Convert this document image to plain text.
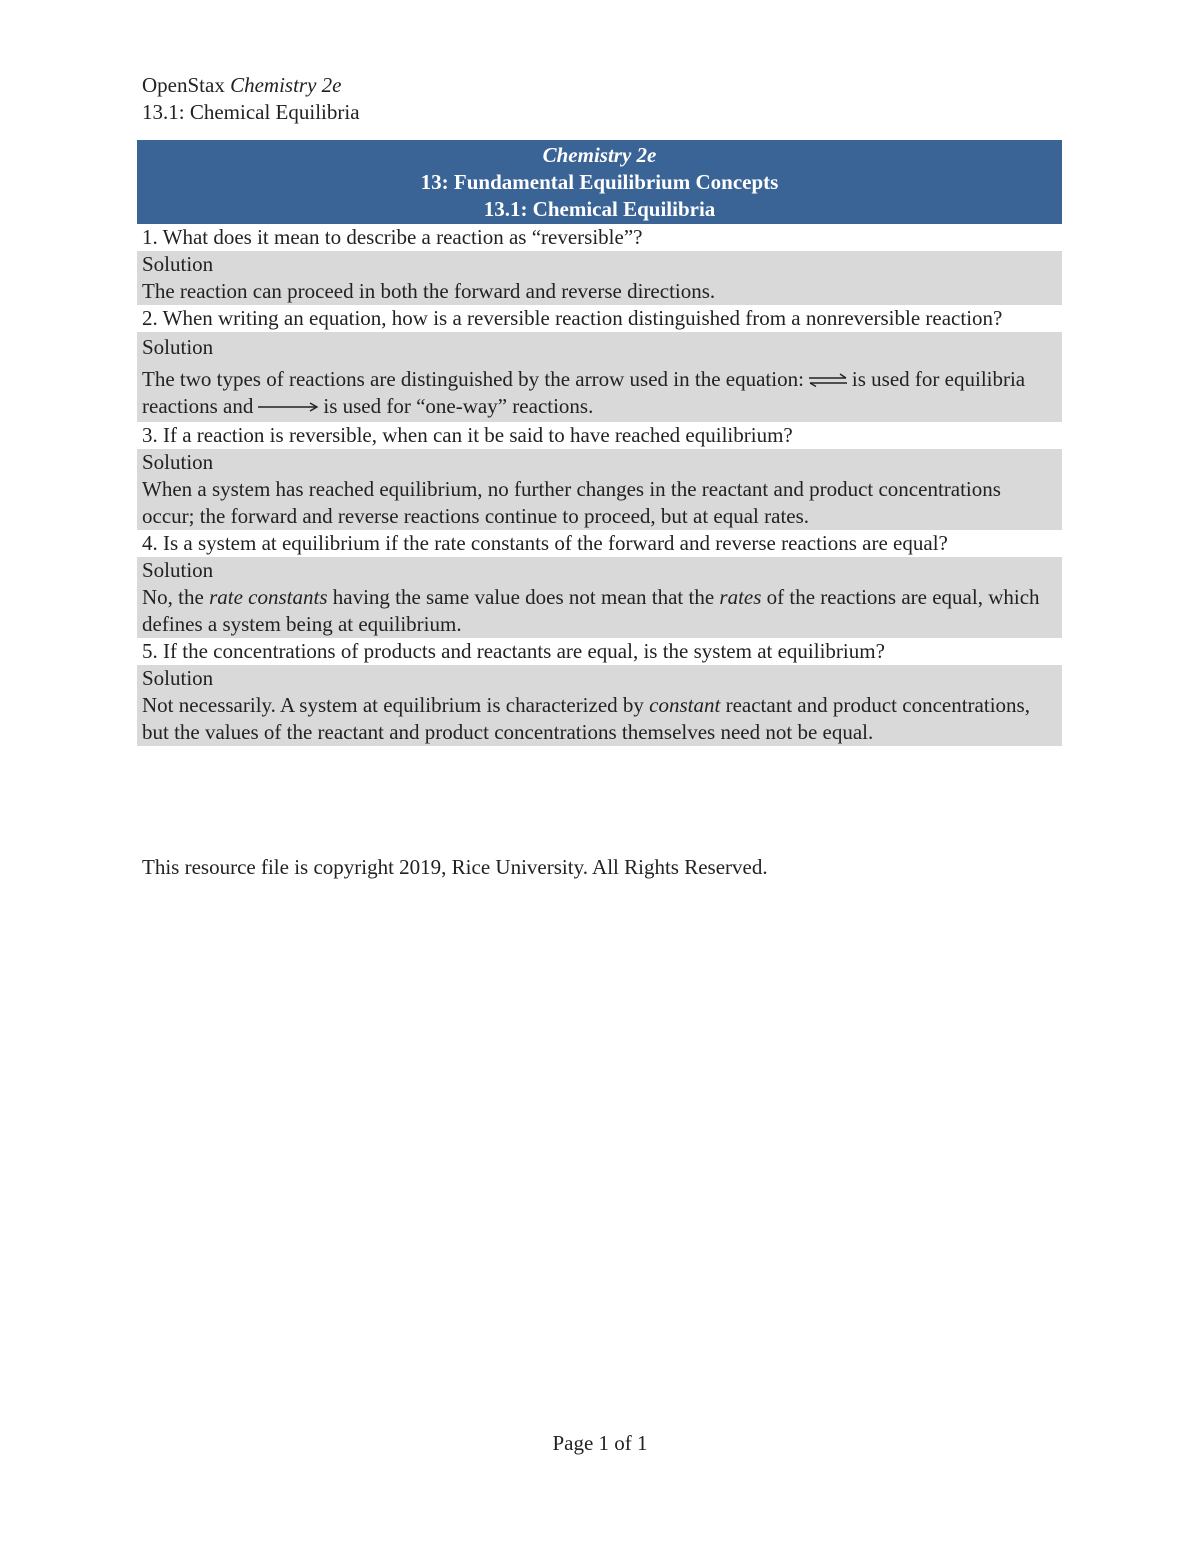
OpenStax Chemistry 2e
13.1: Chemical Equilibria
Chemistry 2e
13: Fundamental Equilibrium Concepts
13.1: Chemical Equilibria
1. What does it mean to describe a reaction as “reversible”?
Solution
The reaction can proceed in both the forward and reverse directions.
2. When writing an equation, how is a reversible reaction distinguished from a nonreversible reaction?
Solution
The two types of reactions are distinguished by the arrow used in the equation: ⇌ is used for equilibria reactions and	is used for “one-way” reactions.
3. If a reaction is reversible, when can it be said to have reached equilibrium?
Solution
When a system has reached equilibrium, no further changes in the reactant and product concentrations occur; the forward and reverse reactions continue to proceed, but at equal rates.
4. Is a system at equilibrium if the rate constants of the forward and reverse reactions are equal?
Solution
No, the rate constants having the same value does not mean that the rates of the reactions are equal, which defines a system being at equilibrium.
5. If the concentrations of products and reactants are equal, is the system at equilibrium?
Solution
Not necessarily. A system at equilibrium is characterized by constant reactant and product concentrations, but the values of the reactant and product concentrations themselves need not be equal.
This resource file is copyright 2019, Rice University. All Rights Reserved.
Page 1 of 1
